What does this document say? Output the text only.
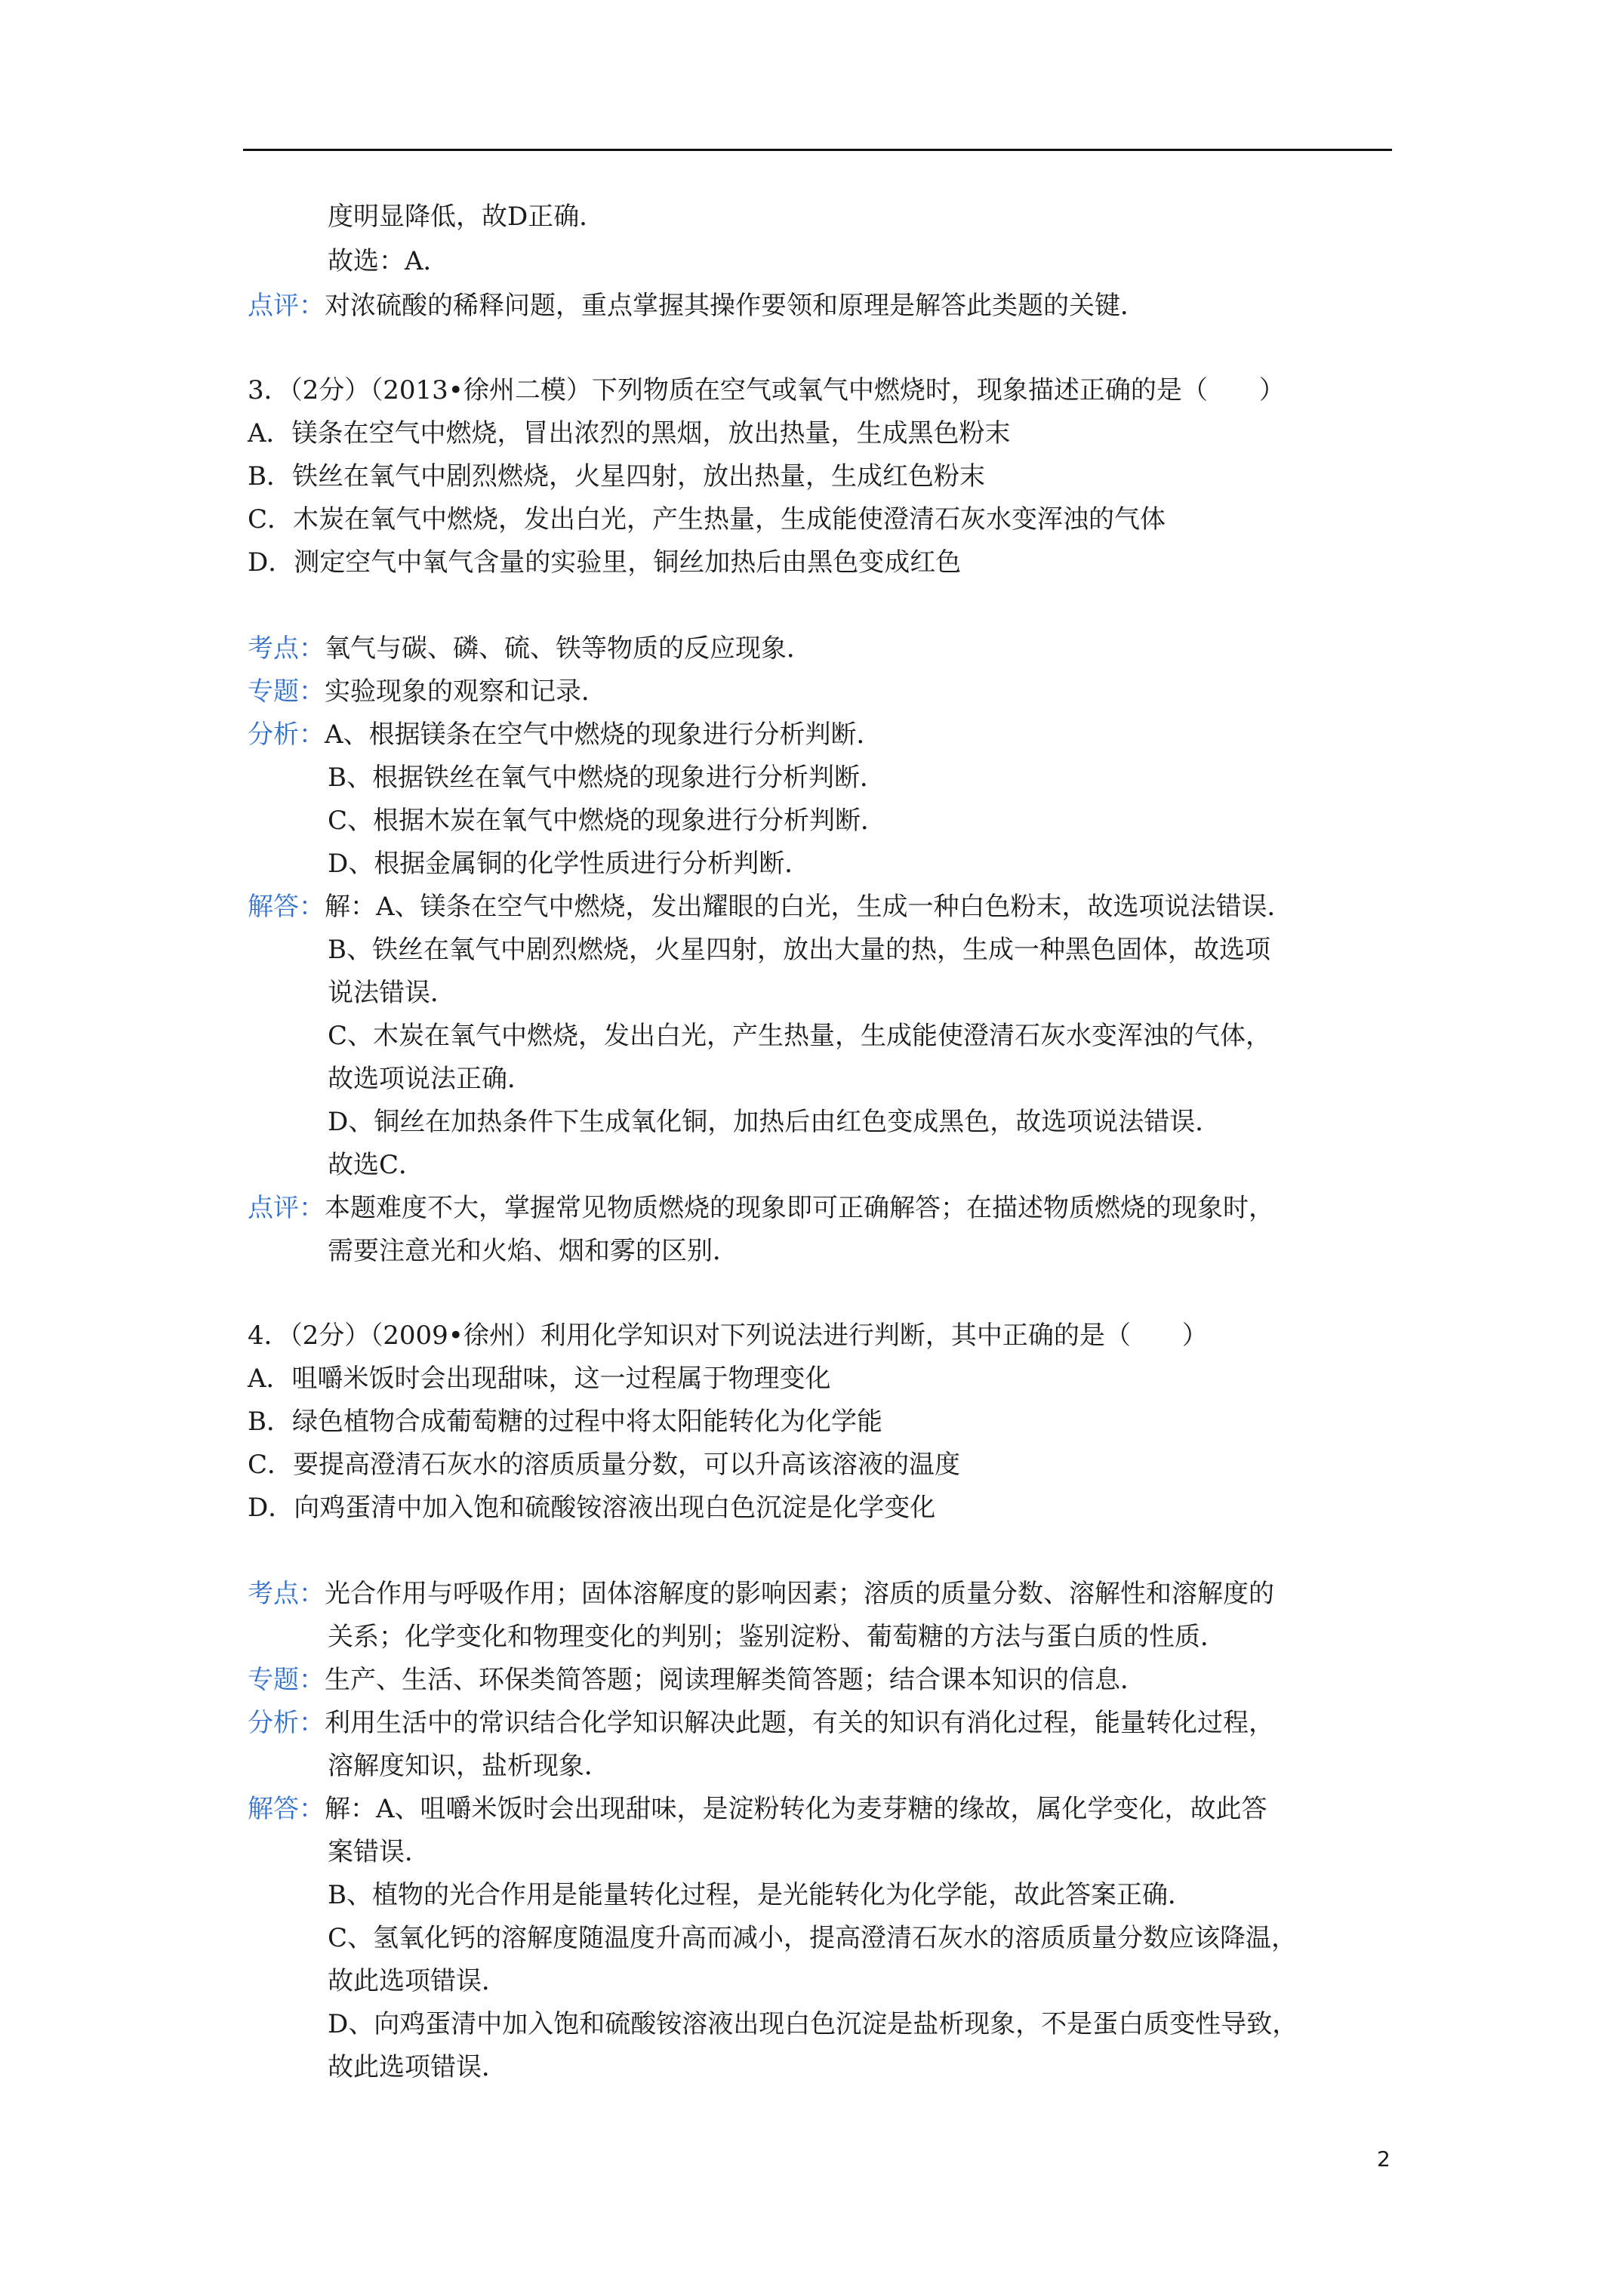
度明显降低，故D正确．
故选：A．
点评：对浓硫酸的稀释问题，重点掌握其操作要领和原理是解答此类题的关键．
3．（2分）（2013•徐州二模）下列物质在空气或氧气中燃烧时，现象描述正确的是（　　）
A．镁条在空气中燃烧，冒出浓烈的黑烟，放出热量，生成黑色粉末
B．铁丝在氧气中剧烈燃烧，火星四射，放出热量，生成红色粉末
C．木炭在氧气中燃烧，发出白光，产生热量，生成能使澄清石灰水变浑浊的气体
D．测定空气中氧气含量的实验里，铜丝加热后由黑色变成红色
考点：氧气与碳、磷、硫、铁等物质的反应现象．
专题：实验现象的观察和记录．
分析：A、根据镁条在空气中燃烧的现象进行分析判断．
B、根据铁丝在氧气中燃烧的现象进行分析判断．
C、根据木炭在氧气中燃烧的现象进行分析判断．
D、根据金属铜的化学性质进行分析判断．
解答：解：A、镁条在空气中燃烧，发出耀眼的白光，生成一种白色粉末，故选项说法错误．
B、铁丝在氧气中剧烈燃烧，火星四射，放出大量的热，生成一种黑色固体，故选项
说法错误．
C、木炭在氧气中燃烧，发出白光，产生热量，生成能使澄清石灰水变浑浊的气体，
故选项说法正确．
D、铜丝在加热条件下生成氧化铜，加热后由红色变成黑色，故选项说法错误．
故选C．
点评：本题难度不大，掌握常见物质燃烧的现象即可正确解答；在描述物质燃烧的现象时，
需要注意光和火焰、烟和雾的区别．
4．（2分）（2009•徐州）利用化学知识对下列说法进行判断，其中正确的是（　　）
A．咀嚼米饭时会出现甜味，这一过程属于物理变化
B．绿色植物合成葡萄糖的过程中将太阳能转化为化学能
C．要提高澄清石灰水的溶质质量分数，可以升高该溶液的温度
D．向鸡蛋清中加入饱和硫酸铵溶液出现白色沉淀是化学变化
考点：光合作用与呼吸作用；固体溶解度的影响因素；溶质的质量分数、溶解性和溶解度的
关系；化学变化和物理变化的判别；鉴别淀粉、葡萄糖的方法与蛋白质的性质．
专题：生产、生活、环保类简答题；阅读理解类简答题；结合课本知识的信息．
分析：利用生活中的常识结合化学知识解决此题，有关的知识有消化过程，能量转化过程，
溶解度知识，盐析现象．
解答：解：A、咀嚼米饭时会出现甜味，是淀粉转化为麦芽糖的缘故，属化学变化，故此答
案错误．
B、植物的光合作用是能量转化过程，是光能转化为化学能，故此答案正确．
C、氢氧化钙的溶解度随温度升高而减小，提高澄清石灰水的溶质质量分数应该降温，
故此选项错误．
D、向鸡蛋清中加入饱和硫酸铵溶液出现白色沉淀是盐析现象，不是蛋白质变性导致，
故此选项错误．
2
